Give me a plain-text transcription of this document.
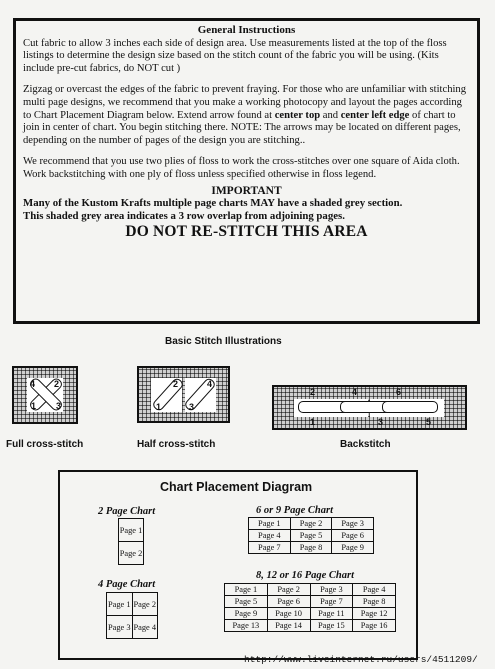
General Instructions

Cut fabric to allow 3 inches each side of design area. Use measurements listed at the top of the floss listings to determine the design size based on the stitch count of the fabric you will be using. (Kits include pre-cut fabrics, do NOT cut )

Zigzag or overcast the edges of the fabric to prevent fraying. For those who are unfamiliar with stitching multi page designs, we recommend that you make a working photocopy and layout the pages according to Chart Placement Diagram below. Extend arrow found at center top and center left edge of chart to join in center of chart. You begin stitching there. NOTE: The arrows may be located on different pages, depending on the number of pages of the design you are stitching..

We recommend that you use two plies of floss to work the cross-stitches over one square of Aida cloth. Work backstitching with one ply of floss unless specified otherwise in floss legend.

IMPORTANT
Many of the Kustom Krafts multiple page charts MAY have a shaded grey section.
This shaded grey area indicates a 3 row overlap from adjoining pages.
DO NOT RE-STITCH THIS AREA
Basic Stitch Illustrations
4 2
1 3
Full cross-stitch
2	4
1	3
Half cross-stitch
2
1
4
3
6
5
Backstitch
Chart Placement Diagram
2 Page Chart
Page 1
Page 2
4 Page Chart
Page 1	Page 2
Page 3	Page 4
6 or 9 Page Chart
Page 1	Page 2	Page 3
Page 4	Page 5	Page 6
Page 7	Page 8	Page 9
8, 12 or 16 Page Chart
Page 1	Page 2	Page 3	Page 4
Page 5	Page 6	Page 7	Page 8
Page 9	Page 10	Page 11	Page 12
Page 13	Page 14	Page 15	Page 16
http://www.liveinternet.ru/users/4511209/
